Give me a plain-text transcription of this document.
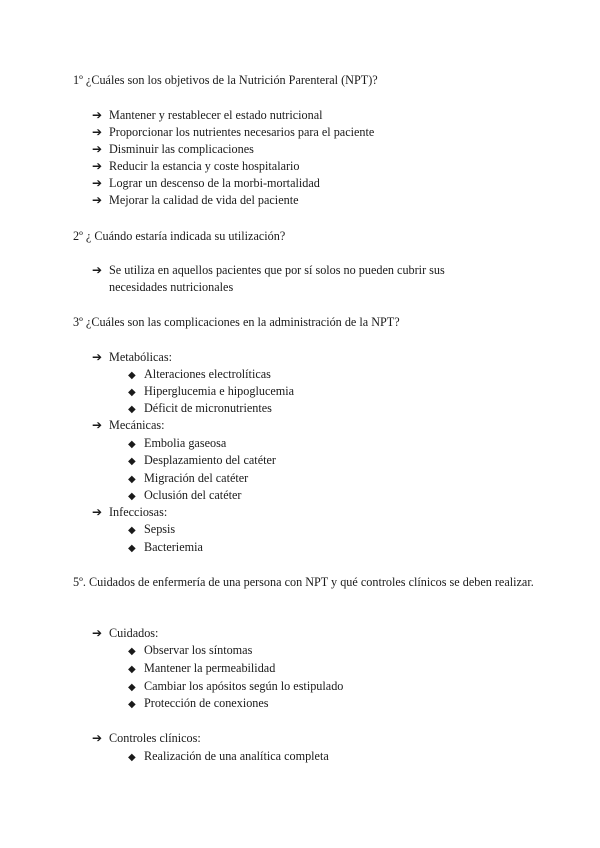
1º ¿Cuáles son los objetivos de la Nutrición Parenteral (NPT)?

➔ Mantener y restablecer el estado nutricional
➔ Proporcionar los nutrientes necesarios para el paciente
➔ Disminuir las complicaciones
➔ Reducir la estancia y coste hospitalario
➔ Lograr un descenso de la morbi-mortalidad
➔ Mejorar la calidad de vida del paciente

2º ¿ Cuándo estaría indicada su utilización?

➔ Se utiliza en aquellos pacientes que por sí solos no pueden cubrir sus necesidades nutricionales

3º ¿Cuáles son las complicaciones en la administración de la NPT?

➔ Metabólicas:
◆ Alteraciones electrolíticas
◆ Hiperglucemia e hipoglucemia
◆ Déficit de micronutrientes
➔ Mecánicas:
◆ Embolia gaseosa
◆ Desplazamiento del catéter
◆ Migración del catéter
◆ Oclusión del catéter
➔ Infecciosas:
◆ Sepsis
◆ Bacteriemia

5º. Cuidados de enfermería de una persona con NPT y qué controles clínicos se deben realizar.

➔ Cuidados:
◆ Observar los síntomas
◆ Mantener la permeabilidad
◆ Cambiar los apósitos según lo estipulado
◆ Protección de conexiones
➔ Controles clínicos:
◆ Realización de una analítica completa
